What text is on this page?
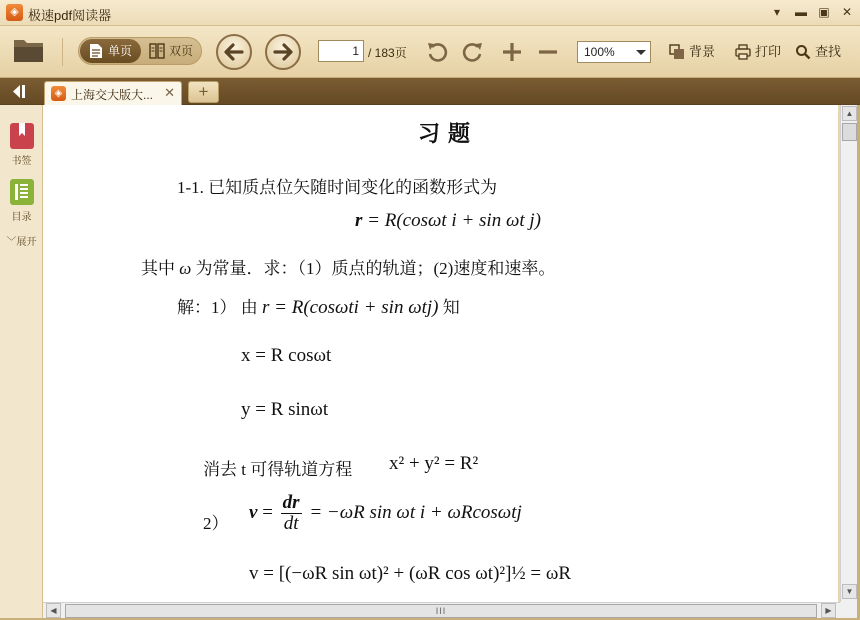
◈ 极速pdf阅读器	▾	▬ ▣	✕
单页	双页
1	/ 183页	100%	背景	打印	查找
◈ 上海交大版大... ✕	+
书签
目录
﹀展开
习题
1-1. 已知质点位矢随时间变化的函数形式为
r = R(cosωt i + sin ωt j)
其中 ω 为常量．求：（1）质点的轨道；(2)速度和速率。
解：1） 由 r = R(cosωti + sin ωtj) 知
x = R cosωt
y = R sinωt
消去 t 可得轨道方程 x² + y² = R²
2）
$v = \frac{dr}{dt} = -\omega R$ sin ωt i + ωRcosωtj
v = [(−ωR sin ωt)² + (ωR cos ωt)²]½ = ωR
▲
▼
◀	III	▶
